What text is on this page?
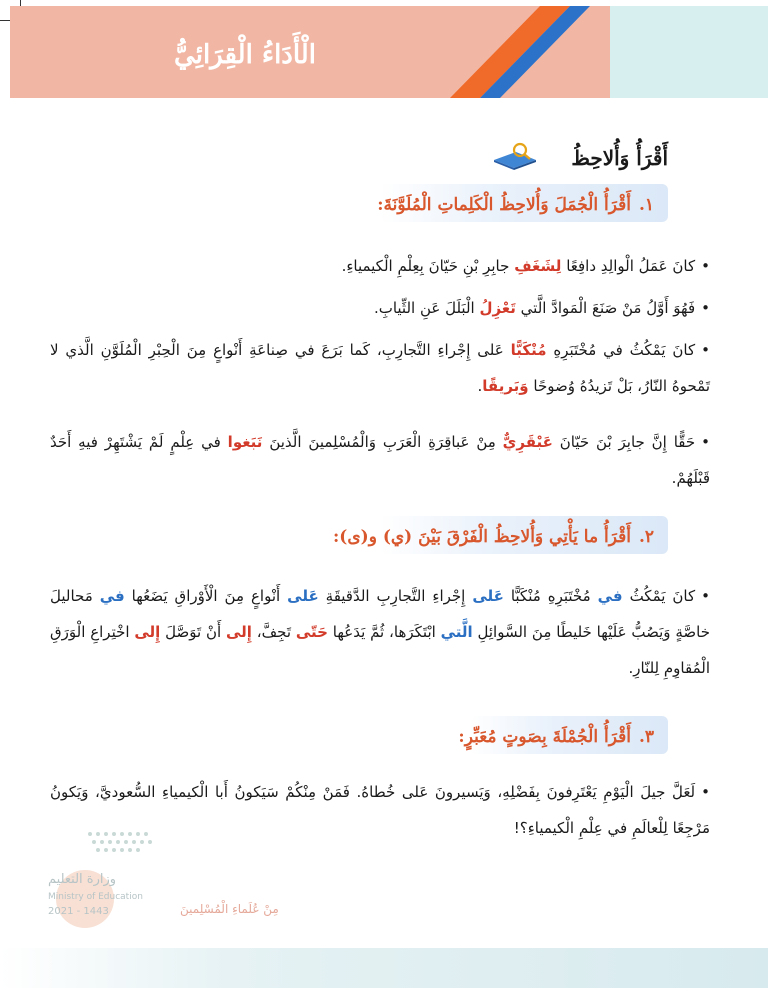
الْأَدَاءُ الْقِرَائِيُّ
أَقْرَأُ وَأُلاحِظُ
١.أَقْرَأُ الْجُمَلَ وَأُلاحِظُ الْكَلِماتِ الْمُلَوَّنَةَ:
•كانَ عَمَلُ الْوالِدِ دافِعًا لِشَغَفِ جابِرِ بْنِ حَيّانَ بِعِلْمِ الْكيمياءِ.
•فَهُوَ أَوَّلُ مَنْ صَنَعَ الْمَوادَّ الَّتي تَعْزِلُ الْبَلَلَ عَنِ الثِّيابِ.
•كانَ يَمْكُثُ في مُخْتَبَرِهِ مُنْكَبًّا عَلى إِجْراءِ التَّجارِبِ، كَما بَرَعَ في صِناعَةِ أَنْواعٍ مِنَ الْحِبْرِ الْمُلَوَّنِ الَّذي لا تَمْحوهُ النّارُ، بَلْ تَزيدُهُ وُضوحًا وَبَريقًا.
•حَقًّا إِنَّ جابِرَ بْنَ حَيّانَ عَبْقَرِيٌّ مِنْ عَباقِرَةِ الْعَرَبِ وَالْمُسْلِمينَ الَّذينَ نَبَغوا في عِلْمٍ لَمْ يَشْتَهِرْ فيهِ أَحَدٌ قَبْلَهُمْ.
٢.أَقْرَأُ ما يَأْتِي وَأُلاحِظُ الْفَرْقَ بَيْنَ (ي) و(ى):
•كانَ يَمْكُثُ في مُخْتَبَرِهِ مُنْكَبًّا عَلى إِجْراءِ التَّجارِبِ الدَّقيقَةِ عَلى أَنْواعٍ مِنَ الْأَوْراقِ يَضَعُها في مَحاليلَ خاصَّةٍ وَيَصُبُّ عَلَيْها خَليطًا مِنَ السَّوائِلِ الَّتي ابْتَكَرَها، ثُمَّ يَدَعُها حَتّى تَجِفَّ، إِلى أَنْ تَوَصَّلَ إِلى اخْتِراعِ الْوَرَقِ الْمُقاوِمِ لِلنّارِ.
٣.أَقْرَأُ الْجُمْلَةَ بِصَوتٍ مُعَبِّرٍ:
•لَعَلَّ جيلَ الْيَوْمِ يَعْتَرِفونَ بِفَضْلِهِ، وَيَسيرونَ عَلى خُطاهُ. فَمَنْ مِنْكُمْ سَيَكونُ أَبا الْكيمياءِ السُّعوديَّ، وَيَكونُ مَرْجِعًا لِلْعالَمِ في عِلْمِ الْكيمياءِ؟!
وزارة التعليم
Ministry of Education
2021 - 1443	مِنْ عُلَماءِ الْمُسْلِمينَ
